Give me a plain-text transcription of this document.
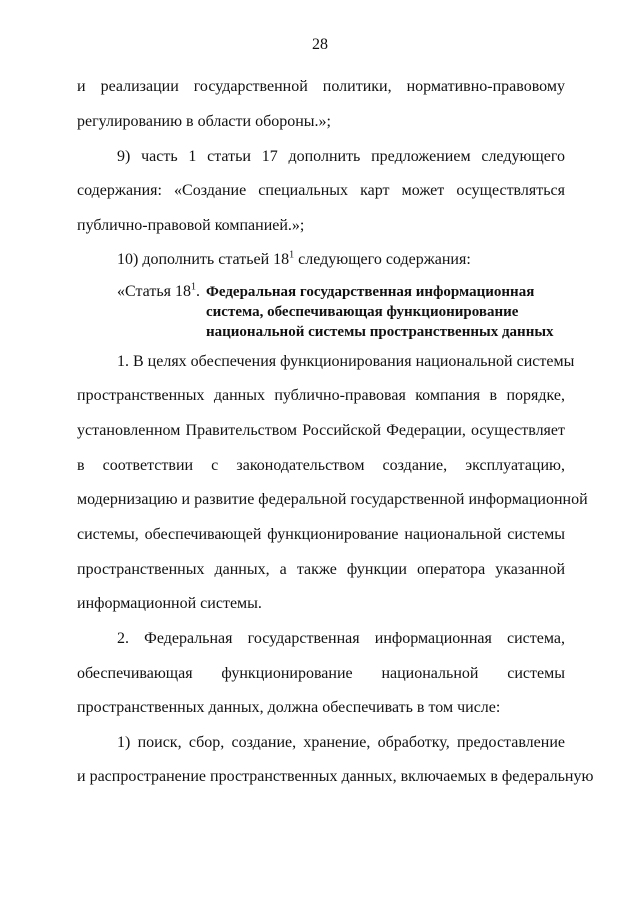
28
и реализации государственной политики, нормативно-правовому
регулированию в области обороны.»;
9) часть 1 статьи 17 дополнить предложением следующего
содержания: «Создание специальных карт может осуществляться
публично-правовой компанией.»;
10) дополнить статьей $18^1$ следующего содержания:
«Статья $18^1$. Федеральная государственная информационная
система, обеспечивающая функционирование
национальной системы пространственных данных
1. В целях обеспечения функционирования национальной системы
пространственных данных публично-правовая компания в порядке,
установленном Правительством Российской Федерации, осуществляет
в соответствии с законодательством создание, эксплуатацию,
модернизацию и развитие федеральной государственной информационной
системы, обеспечивающей функционирование национальной системы
пространственных данных, а также функции оператора указанной
информационной системы.
2. Федеральная государственная информационная система,
обеспечивающая функционирование национальной системы
пространственных данных, должна обеспечивать в том числе:
1) поиск, сбор, создание, хранение, обработку, предоставление
и распространение пространственных данных, включаемых в федеральную
